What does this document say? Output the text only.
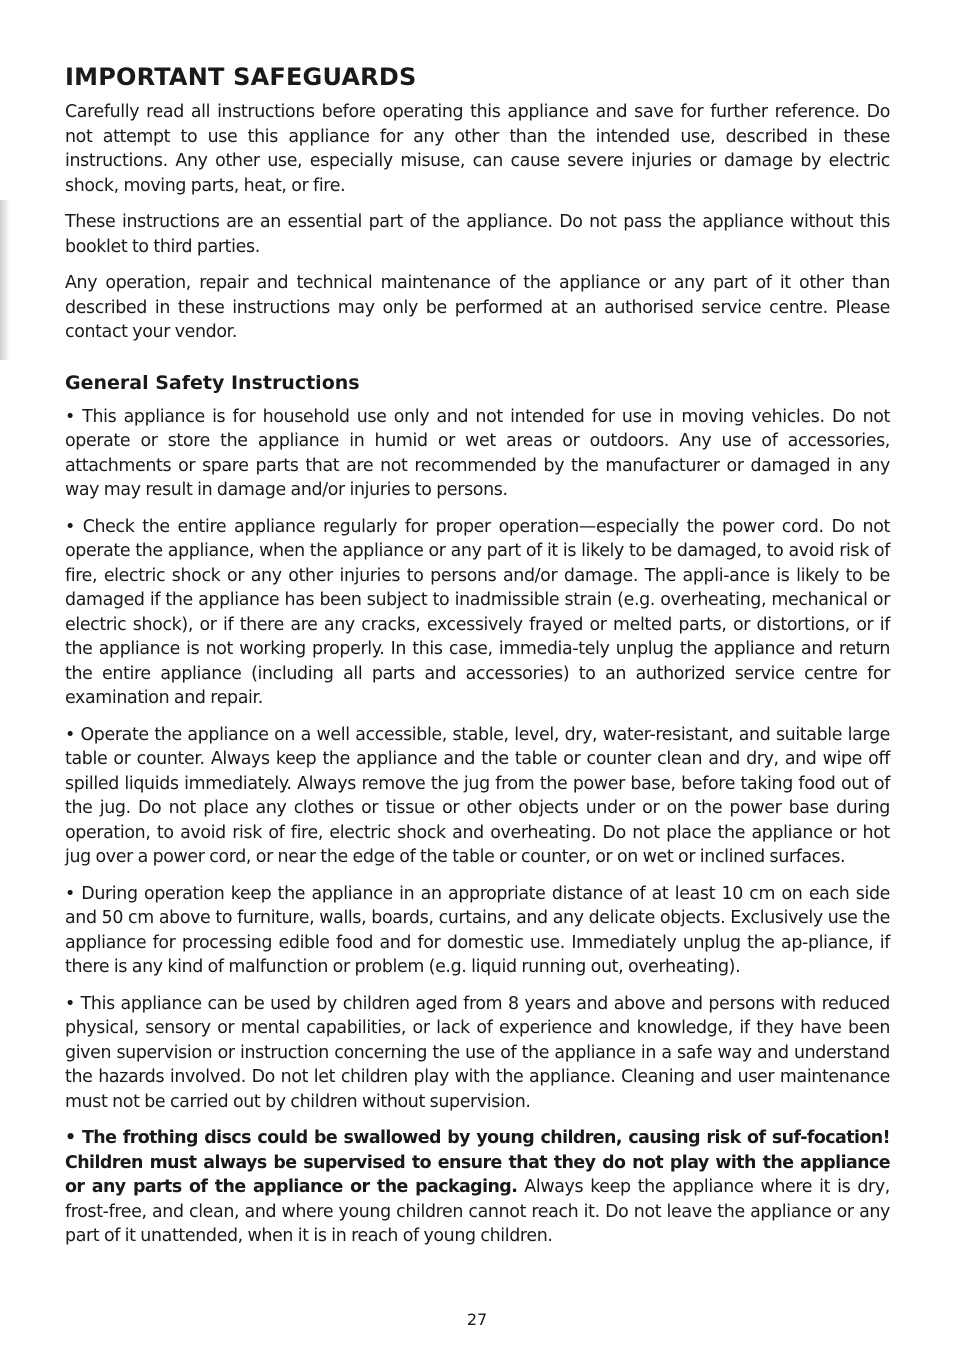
IMPORTANT SAFEGUARDS

Carefully read all instructions before operating this appliance and save for further reference. Do not attempt to use this appliance for any other than the intended use, described in these instructions. Any other use, especially misuse, can cause severe injuries or damage by electric shock, moving parts, heat, or fire.

These instructions are an essential part of the appliance. Do not pass the appliance without this booklet to third parties.

Any operation, repair and technical maintenance of the appliance or any part of it other than described in these instructions may only be performed at an authorised service centre. Please contact your vendor.

General Safety Instructions

• This appliance is for household use only and not intended for use in moving vehicles. Do not operate or store the appliance in humid or wet areas or outdoors. Any use of accessories, attachments or spare parts that are not recommended by the manufacturer or damaged in any way may result in damage and/or injuries to persons.

• Check the entire appliance regularly for proper operation—especially the power cord. Do not operate the appliance, when the appliance or any part of it is likely to be damaged, to avoid risk of fire, electric shock or any other injuries to persons and/or damage. The appli-ance is likely to be damaged if the appliance has been subject to inadmissible strain (e.g. overheating, mechanical or electric shock), or if there are any cracks, excessively frayed or melted parts, or distortions, or if the appliance is not working properly. In this case, immedia-tely unplug the appliance and return the entire appliance (including all parts and accessories) to an authorized service centre for examination and repair.

• Operate the appliance on a well accessible, stable, level, dry, water-resistant, and suitable large table or counter. Always keep the appliance and the table or counter clean and dry, and wipe off spilled liquids immediately. Always remove the jug from the power base, before taking food out of the jug. Do not place any clothes or tissue or other objects under or on the power base during operation, to avoid risk of fire, electric shock and overheating. Do not place the appliance or hot jug over a power cord, or near the edge of the table or counter, or on wet or inclined surfaces.

• During operation keep the appliance in an appropriate distance of at least 10 cm on each side and 50 cm above to furniture, walls, boards, curtains, and any delicate objects. Exclusively use the appliance for processing edible food and for domestic use. Immediately unplug the ap-pliance, if there is any kind of malfunction or problem (e.g. liquid running out, overheating).

• This appliance can be used by children aged from 8 years and above and persons with reduced physical, sensory or mental capabilities, or lack of experience and knowledge, if they have been given supervision or instruction concerning the use of the appliance in a safe way and understand the hazards involved. Do not let children play with the appliance. Cleaning and user maintenance must not be carried out by children without supervision.

• The frothing discs could be swallowed by young children, causing risk of suf-focation! Children must always be supervised to ensure that they do not play with the appliance or any parts of the appliance or the packaging. Always keep the appliance where it is dry, frost-free, and clean, and where young children cannot reach it. Do not leave the appliance or any part of it unattended, when it is in reach of young children.

27
